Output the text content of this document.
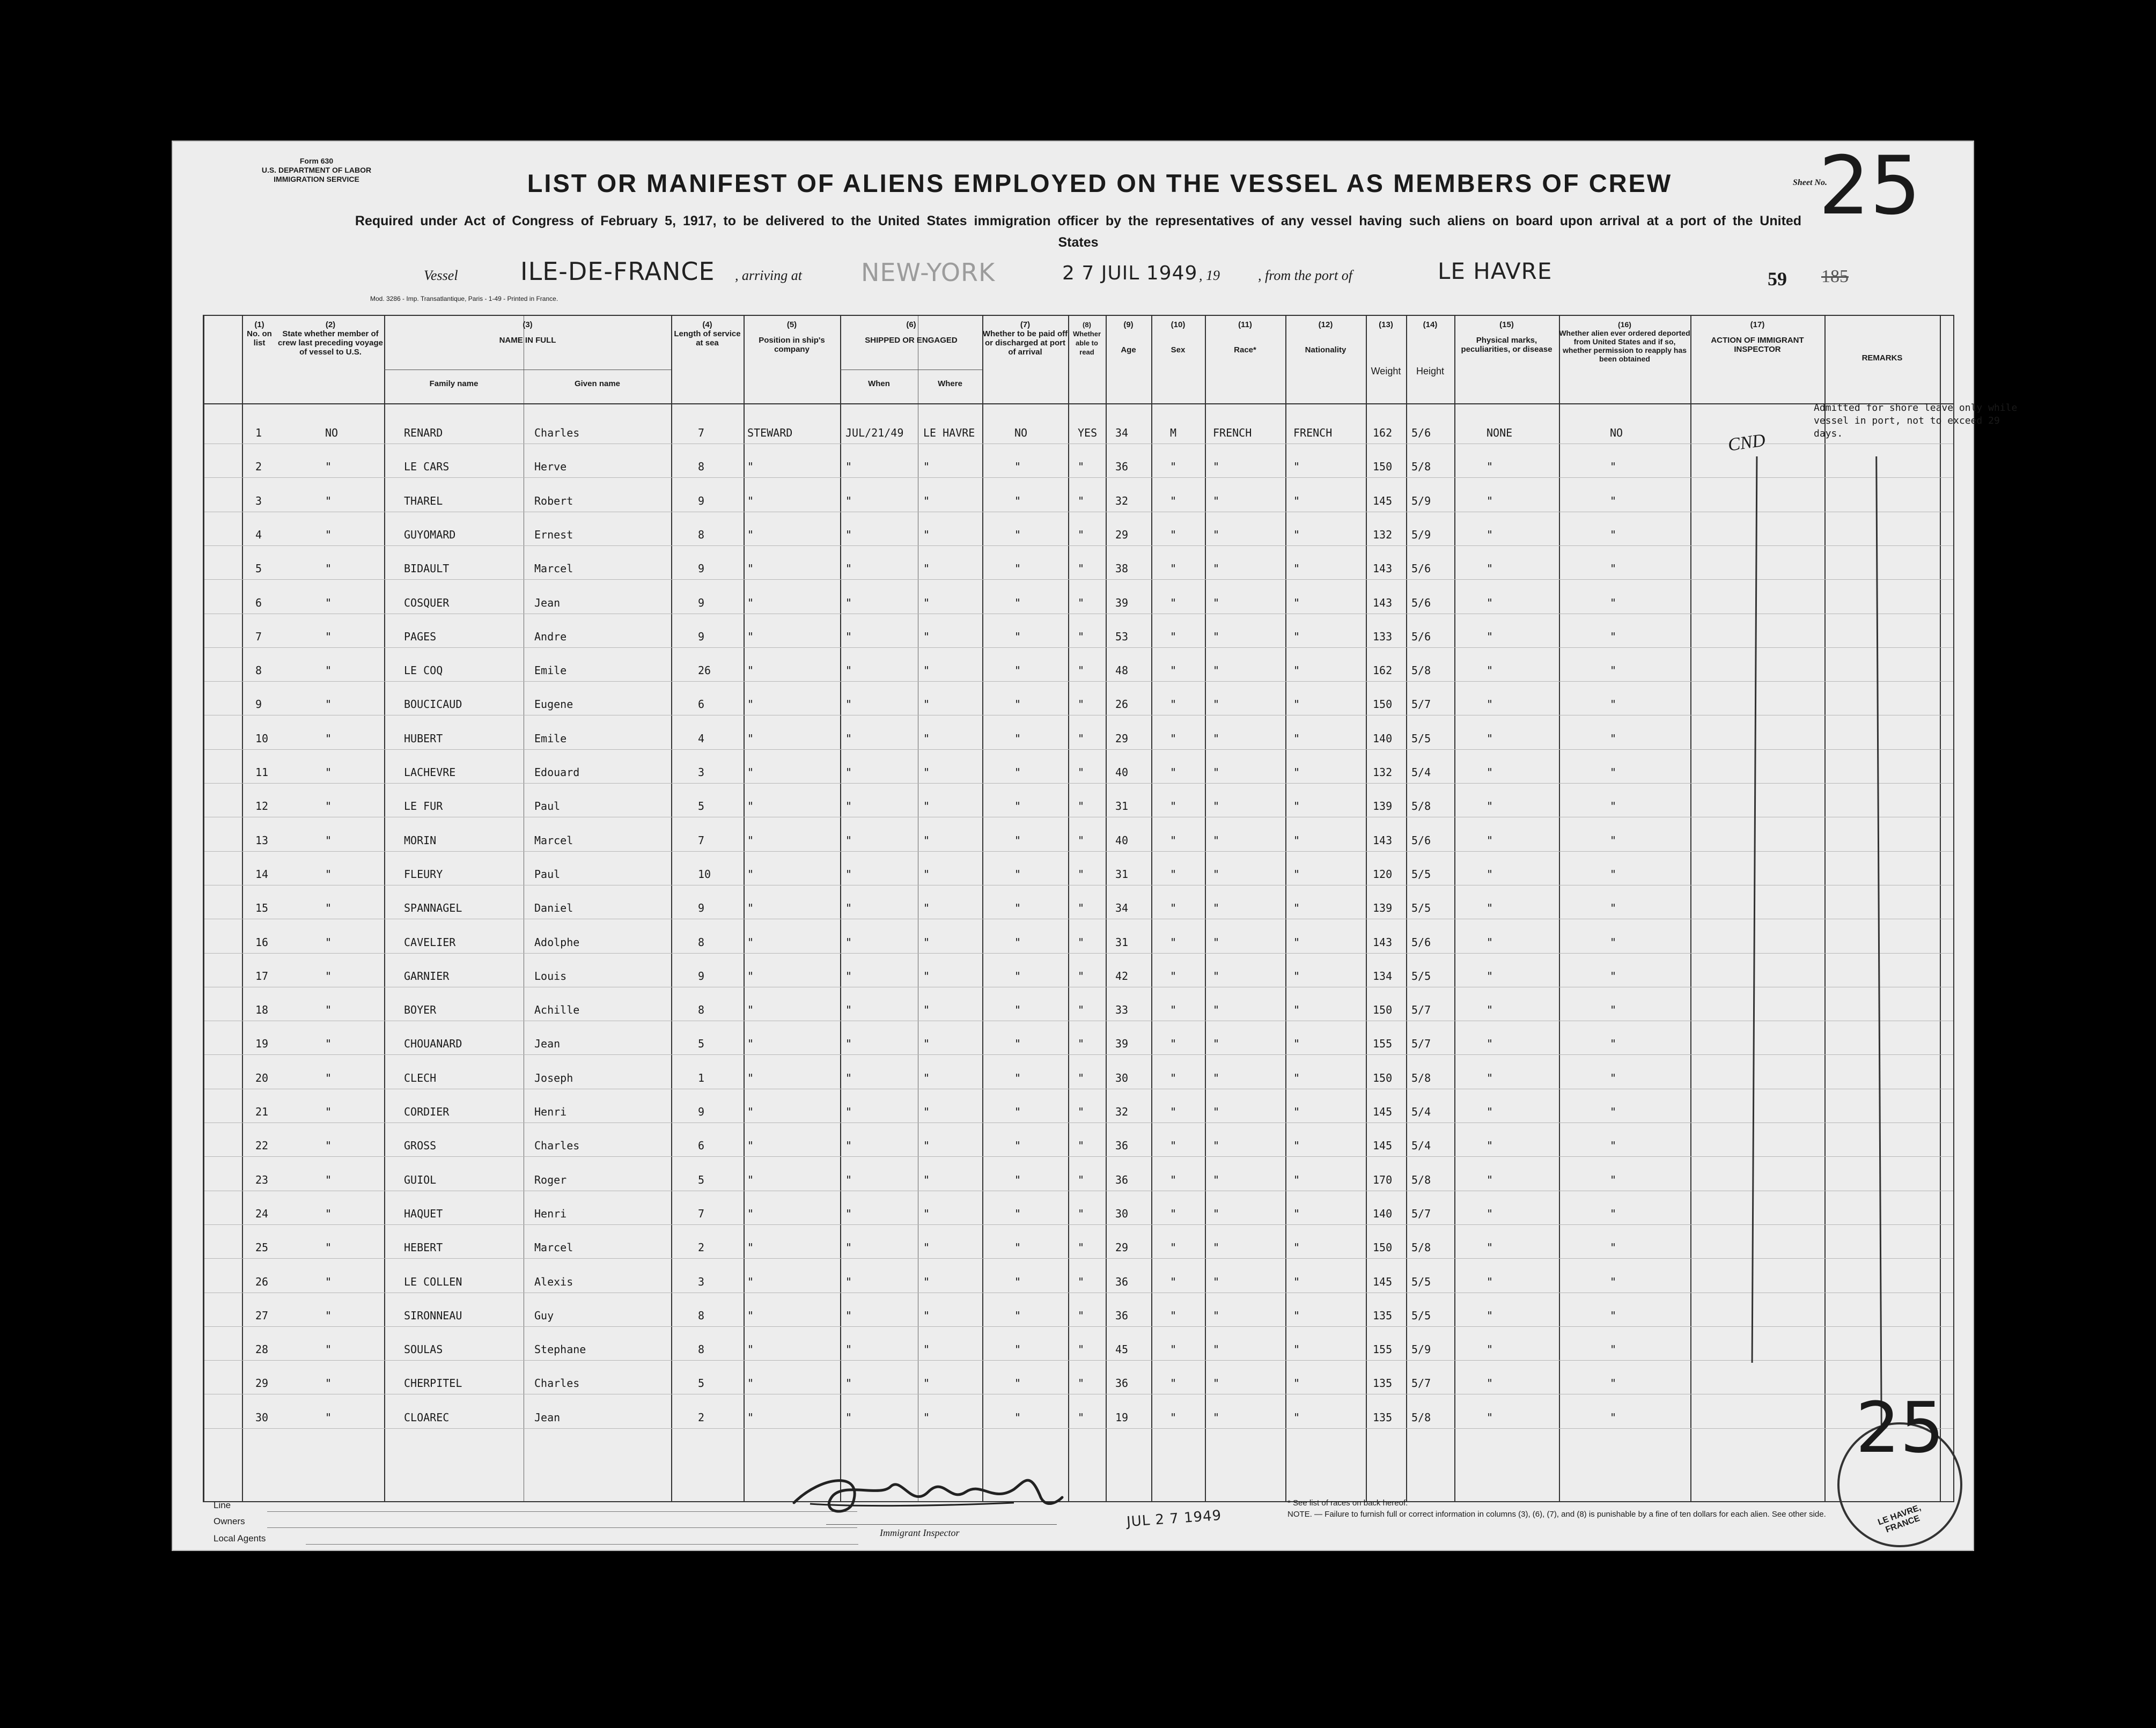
Form 630
U.S. DEPARTMENT OF LABOR
IMMIGRATION SERVICE	LIST OR MANIFEST OF ALIENS EMPLOYED ON THE VESSEL AS MEMBERS OF CREW
Required under Act of Congress of February 5, 1917, to be delivered to the United States immigration officer by the representatives of any vessel having such aliens on board upon arrival at a port of the United States
Sheet No.
25
Vessel	ILE-DE-FRANCE , arriving at NEW-YORK	2 7 JUIL 1949 , 19	, from the port of	LE HAVRE	59 185
Mod. 3286 - Imp. Transatlantique, Paris - 1-49 - Printed in France.
(1)
No. on list
(2)
State whether member of crew last preceding voyage of vessel to U.S.
(3)
NAME IN FULL
Family name	Given name
(4)
Length of service at sea
(5)
Position in ship's company
(6)
SHIPPED OR ENGAGED
When	Where
(7)
Whether to be paid off or discharged at port of arrival
(8)
Whether able to read
(9)
Age
(10)
Sex
(11)
Race*
(12)
Nationality
(13)
Weight
(14)
Height
(15)
Physical marks, peculiarities, or disease
(16)
Whether alien ever ordered deported from United States and if so, whether permission to reapply has been obtained
(17)
ACTION OF IMMIGRANT INSPECTOR
REMARKS
1	NO	RENARD	Charles	7	STEWARD	JUL/21/49 LE HAVRE	NO	YES 34	M	FRENCH	FRENCH	162 5/6	NONE	NO
2	"	LE CARS	Herve	8	"	"	"	"	"	36	"	"	"	150 5/8	"	"
3	"	THAREL	Robert	9	"	"	"	"	"	32	"	"	"	145 5/9	"	"
4	"	GUYOMARD	Ernest	8	"	"	"	"	"	29	"	"	"	132 5/9	"	"
5	"	BIDAULT	Marcel	9	"	"	"	"	"	38	"	"	"	143 5/6	"	"
6	"	COSQUER	Jean	9	"	"	"	"	"	39	"	"	"	143 5/6	"	"
7	"	PAGES	Andre	9	"	"	"	"	"	53	"	"	"	133 5/6	"	"
8	"	LE COQ	Emile	26	"	"	"	"	"	48	"	"	"	162 5/8	"	"
9	"	BOUCICAUD	Eugene	6	"	"	"	"	"	26	"	"	"	150 5/7	"	"
10	"	HUBERT	Emile	4	"	"	"	"	"	29	"	"	"	140 5/5	"	"
11	"	LACHEVRE	Edouard	3	"	"	"	"	"	40	"	"	"	132 5/4	"	"
12	"	LE FUR	Paul	5	"	"	"	"	"	31	"	"	"	139 5/8	"	"
13	"	MORIN	Marcel	7	"	"	"	"	"	40	"	"	"	143 5/6	"	"
14	"	FLEURY	Paul	10	"	"	"	"	"	31	"	"	"	120 5/5	"	"
15	"	SPANNAGEL	Daniel	9	"	"	"	"	"	34	"	"	"	139 5/5	"	"
16	"	CAVELIER	Adolphe	8	"	"	"	"	"	31	"	"	"	143 5/6	"	"
17	"	GARNIER	Louis	9	"	"	"	"	"	42	"	"	"	134 5/5	"	"
18	"	BOYER	Achille	8	"	"	"	"	"	33	"	"	"	150 5/7	"	"
19	"	CHOUANARD	Jean	5	"	"	"	"	"	39	"	"	"	155 5/7	"	"
20	"	CLECH	Joseph	1	"	"	"	"	"	30	"	"	"	150 5/8	"	"
21	"	CORDIER	Henri	9	"	"	"	"	"	32	"	"	"	145 5/4	"	"
22	"	GROSS	Charles	6	"	"	"	"	"	36	"	"	"	145 5/4	"	"
23	"	GUIOL	Roger	5	"	"	"	"	"	36	"	"	"	170 5/8	"	"
24	"	HAQUET	Henri	7	"	"	"	"	"	30	"	"	"	140 5/7	"	"
25	"	HEBERT	Marcel	2	"	"	"	"	"	29	"	"	"	150 5/8	"	"
26	"	LE COLLEN	Alexis	3	"	"	"	"	"	36	"	"	"	145 5/5	"	"
27	"	SIRONNEAU	Guy	8	"	"	"	"	"	36	"	"	"	135 5/5	"	"
28	"	SOULAS	Stephane	8	"	"	"	"	"	45	"	"	"	155 5/9	"	"
29	"	CHERPITEL	Charles	5	"	"	"	"	"	36	"	"	"	135 5/7	"	"
30	"	CLOAREC	Jean	2	"	"	"	"	"	19	"	"	"	135 5/8	"	"
CND
Admitted for shore leave only while vessel in port, not to exceed 29 days.
Line
Owners
Local Agents
Immigrant Inspector
JUL 2 7 1949
* See list of races on back hereof.
NOTE. — Failure to furnish full or correct information in columns (3), (6), (7), and (8) is punishable by a fine of ten dollars for each alien. See other side.
25
LE HAVRE, FRANCE
